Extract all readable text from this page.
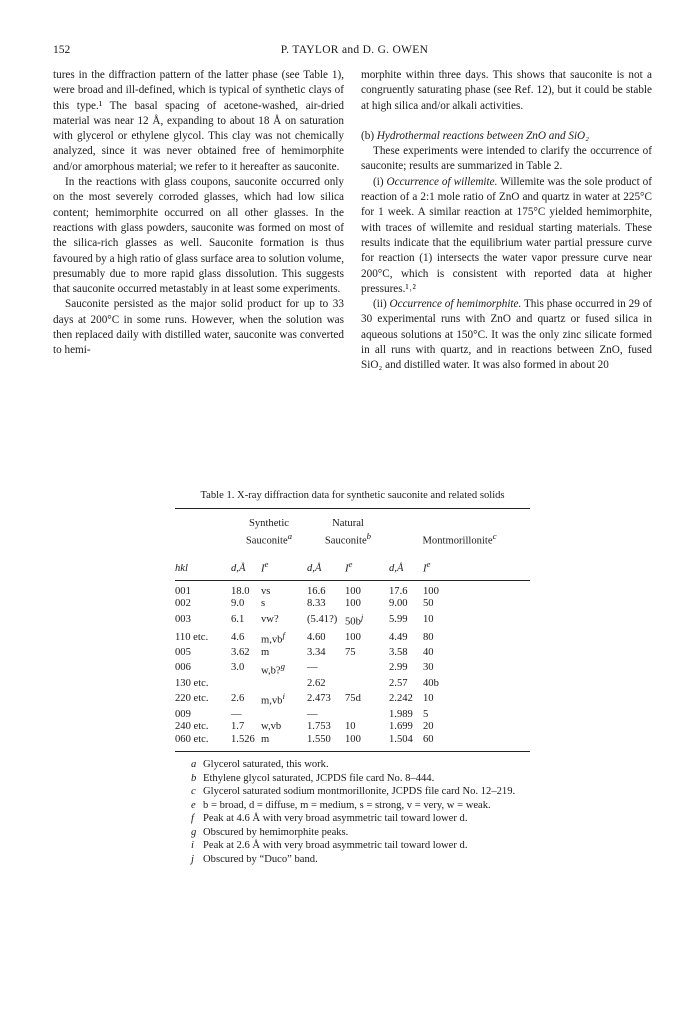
152	P. TAYLOR and D. G. OWEN

tures in the diffraction pattern of the latter phase (see Table 1), were broad and ill-defined, which is typical of synthetic clays of this type.¹ The basal spacing of acetone-washed, air-dried material was near 12 Å, expanding to about 18 Å on saturation with glycerol or ethylene glycol. This clay was not chemically analyzed, since it was never obtained free of hemimorphite and/or amorphous material; we refer to it hereafter as sauconite.

In the reactions with glass coupons, sauconite occurred only on the most severely corroded glasses, which had low silica content; hemimorphite occurred on all other glasses. In the reactions with glass powders, sauconite was formed on most of the silica-rich glasses as well. Sauconite formation is thus favoured by a high ratio of glass surface area to solution volume, presumably due to more rapid glass dissolution. This suggests that sauconite occurred metastably in at least some experiments.

Sauconite persisted as the major solid product for up to 33 days at 200°C in some runs. However, when the solution was then replaced daily with distilled water, sauconite was converted to hemi-

morphite within three days. This shows that sauconite is not a congruently saturating phase (see Ref. 12), but it could be stable at high silica and/or alkali activities.

(b) Hydrothermal reactions between ZnO and SiO₂

These experiments were intended to clarify the occurrence of sauconite; results are summarized in Table 2.

(i) Occurrence of willemite. Willemite was the sole product of reaction of a 2:1 mole ratio of ZnO and quartz in water at 225°C for 1 week. A similar reaction at 175°C yielded hemimorphite, with traces of willemite and residual starting materials. These results indicate that the equilibrium water partial pressure curve for reaction (1) intersects the water vapor pressure curve near 200°C, which is consistent with reported data at higher pressures.¹˒²

(ii) Occurrence of hemimorphite. This phase occurred in 29 of 30 experimental runs with ZnO and quartz or fused silica in aqueous solutions at 150°C. It was the only zinc silicate formed in all runs with quartz, and in reactions between ZnO, fused SiO₂ and distilled water. It was also formed in about 20

Table 1. X-ray diffraction data for synthetic sauconite and related solids
	Synthetic
Sauconite$^a$		Natural
Sauconite$^b$		Montmorillonite$^c$
hkl	d,Å	Ie	d,Å	Ie	d,Å	Ie

001	18.0	vs	16.6	100	17.6	100
002	9.0	s	8.33	100	9.00	50
003	6.1	vw?	(5.41?)	$50b^j$	5.99	10
110 etc.	4.6	$m,vb^f$	4.60	100	4.49	80
005	3.62	m	3.34	75	3.58	40
006	3.0	w,b?$^g$	—		2.99	30
130 etc.			2.62		2.57	40b
220 etc.	2.6	$m,vb^i$	2.473	75d	2.242	10
009	—		—		1.989	5
240 etc.	1.7	w,vb	1.753	10	1.699	20
060 etc.	1.526	m	1.550	100	1.504	60

a Glycerol saturated, this work.

b Ethylene glycol saturated, JCPDS file card No. 8–444.

c Glycerol saturated sodium montmorillonite, JCPDS file card No. 12–219.

e b = broad, d = diffuse, m = medium, s = strong, v = very, w = weak.

f Peak at 4.6 Å with very broad asymmetric tail toward lower d.

g Obscured by hemimorphite peaks.

i Peak at 2.6 Å with very broad asymmetric tail toward lower d.

j Obscured by “Duco” band.
